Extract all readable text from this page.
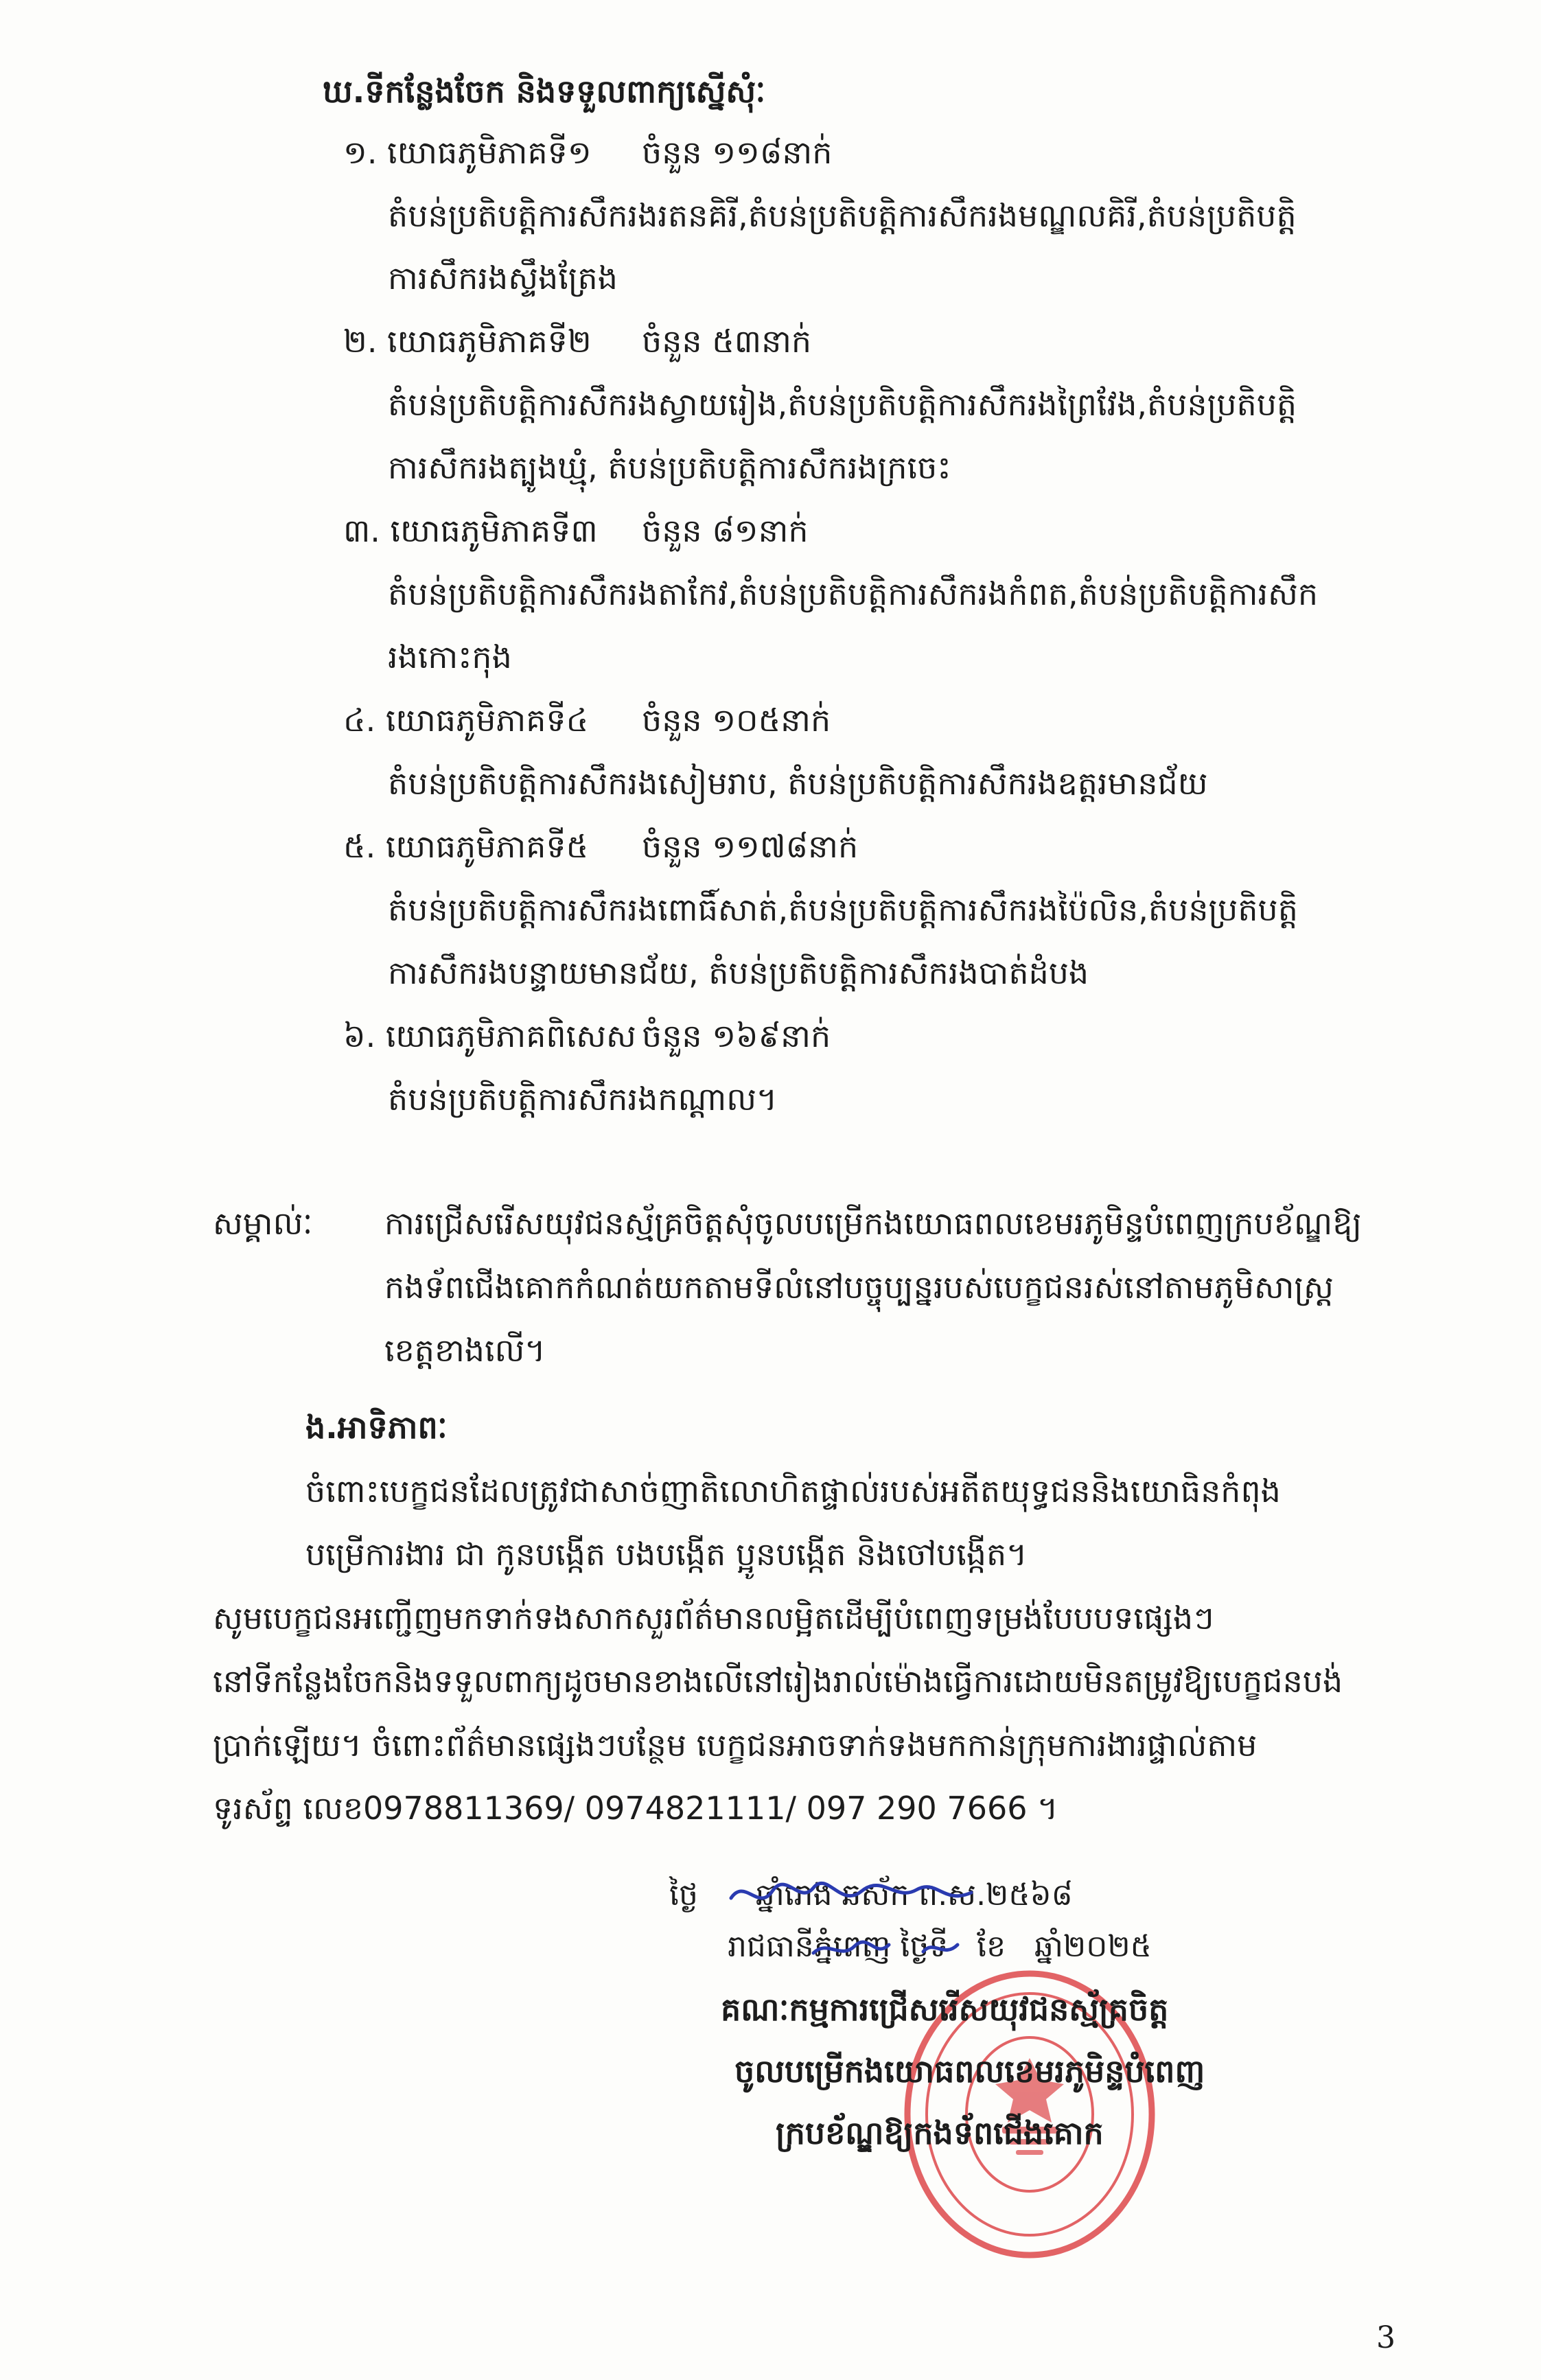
ឃ.ទីកន្លែងចែក និងទទួលពាក្យស្នើសុំៈ
១. យោធភូមិភាគទី១ ចំនួន ១១៨នាក់
តំបន់ប្រតិបត្តិការសឹករងរតនគិរី,តំបន់ប្រតិបត្តិការសឹករងមណ្ឌលគិរី,តំបន់ប្រតិបត្តិ
ការសឹករងស្ទឹងត្រែង
២. យោធភូមិភាគទី២ ចំនួន ៥៣នាក់
តំបន់ប្រតិបត្តិការសឹករងស្វាយរៀង,តំបន់ប្រតិបត្តិការសឹករងព្រៃវែង,តំបន់ប្រតិបត្តិ
ការសឹករងត្បូងឃ្មុំ, តំបន់ប្រតិបត្តិការសឹករងក្រចេះ
៣. យោធភូមិភាគទី៣ ចំនួន ៨១នាក់
តំបន់ប្រតិបត្តិការសឹករងតាកែវ,តំបន់ប្រតិបត្តិការសឹករងកំពត,តំបន់ប្រតិបត្តិការសឹក
រងកោះកុង
៤. យោធភូមិភាគទី៤ ចំនួន ១០៥នាក់
តំបន់ប្រតិបត្តិការសឹករងសៀមរាប, តំបន់ប្រតិបត្តិការសឹករងឧត្តរមានជ័យ
៥. យោធភូមិភាគទី៥ ចំនួន ១១៧៨នាក់
តំបន់ប្រតិបត្តិការសឹករងពោធិ៍សាត់,តំបន់ប្រតិបត្តិការសឹករងប៉ៃលិន,តំបន់ប្រតិបត្តិ
ការសឹករងបន្ទាយមានជ័យ, តំបន់ប្រតិបត្តិការសឹករងបាត់ដំបង
៦. យោធភូមិភាគពិសេស ចំនួន ១៦៩នាក់
តំបន់ប្រតិបត្តិការសឹករងកណ្តាល។
សម្គាល់ៈ ការជ្រើសរើសយុវជនស្ម័គ្រចិត្តសុំចូលបម្រើកងយោធពលខេមរភូមិន្ទបំពេញក្របខ័ណ្ឌឱ្យ
កងទ័ពជើងគោកកំណត់យកតាមទីលំនៅបច្ចុប្បន្នរបស់បេក្ខជនរស់នៅតាមភូមិសាស្ត្រ
ខេត្តខាងលើ។
ង.អាទិភាពៈ
ចំពោះបេក្ខជនដែលត្រូវជាសាច់ញាតិលោហិតផ្ទាល់របស់អតីតយុទ្ធជននិងយោធិនកំពុង
បម្រើការងារ ជា កូនបង្កើត បងបង្កើត ប្អូនបង្កើត និងចៅបង្កើត។
សូមបេក្ខជនអញ្ជើញមកទាក់ទងសាកសួរព័ត៌មានលម្អិតដើម្បីបំពេញទម្រង់បែបបទផ្សេងៗ
នៅទីកន្លែងចែកនិងទទួលពាក្យដូចមានខាងលើនៅរៀងរាល់ម៉ោងធ្វើការដោយមិនតម្រូវឱ្យបេក្ខជនបង់
ប្រាក់ឡើយ។ ចំពោះព័ត៌មានផ្សេងៗបន្ថែម បេក្ខជនអាចទាក់ទងមកកាន់ក្រុមការងារផ្ទាល់តាម
ទូរស័ព្ទ លេខ0978811369/ 0974821111/ 097 290 7666 ។
ថ្ងៃ ​​​​​​​ ​​​​​​​ ​​​​​​​ ​​​​​​​ ​​​​​​​ ឆ្នាំរោង ឆស័ក ព.ស.២៥៦៨
រាជធានីភ្នំពេញ ថ្ងៃទី ​​​​​​​ ​​​​​​​ ខែ ​​​​​​​ ​​​​​​​ ឆ្នាំ២០២៥
គណៈកម្មការជ្រើសរើសយុវជនស្ម័គ្រចិត្ត
ចូលបម្រើកងយោធពលខេមរភូមិន្ទបំពេញ
ក្របខ័ណ្ឌឱ្យកងទ័ពជើងគោក
3
